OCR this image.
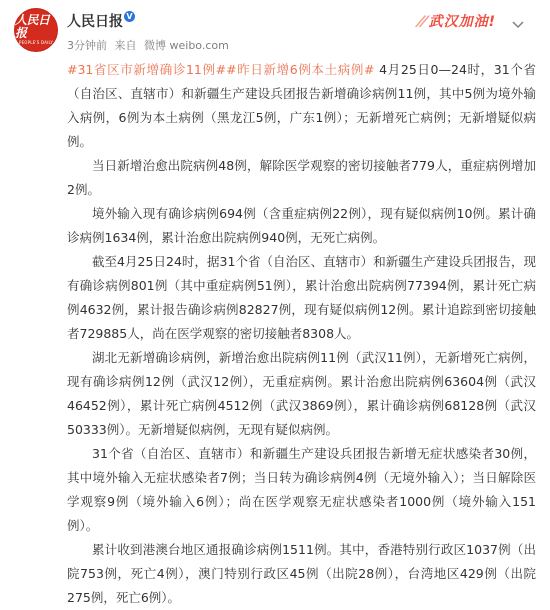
人民日报
PEOPLE'S DAILY
人民日报 V
3分钟前 来自 微博 weibo.com
⁄⁄ 武汉加油!

#31省区市新增确诊11例##昨日新增6例本土病例# 4月25日0—24时，31个省（自治区、直辖市）和新疆生产建设兵团报告新增确诊病例11例，其中5例为境外输入病例，6例为本土病例（黑龙江5例，广东1例）；无新增死亡病例；无新增疑似病例。

当日新增治愈出院病例48例，解除医学观察的密切接触者779人，重症病例增加2例。

境外输入现有确诊病例694例（含重症病例22例），现有疑似病例10例。累计确诊病例1634例，累计治愈出院病例940例，无死亡病例。

截至4月25日24时，据31个省（自治区、直辖市）和新疆生产建设兵团报告，现有确诊病例801例（其中重症病例51例），累计治愈出院病例77394例，累计死亡病例4632例，累计报告确诊病例82827例，现有疑似病例12例。累计追踪到密切接触者729885人，尚在医学观察的密切接触者8308人。

湖北无新增确诊病例，新增治愈出院病例11例（武汉11例），无新增死亡病例，现有确诊病例12例（武汉12例），无重症病例。累计治愈出院病例63604例（武汉46452例），累计死亡病例4512例（武汉3869例），累计确诊病例68128例（武汉50333例）。无新增疑似病例，无现有疑似病例。

31个省（自治区、直辖市）和新疆生产建设兵团报告新增无症状感染者30例，其中境外输入无症状感染者7例；当日转为确诊病例4例（无境外输入）；当日解除医学观察9例（境外输入6例）；尚在医学观察无症状感染者1000例（境外输入151例）。

累计收到港澳台地区通报确诊病例1511例。其中，香港特别行政区1037例（出院753例，死亡4例），澳门特别行政区45例（出院28例），台湾地区429例（出院275例，死亡6例）。
